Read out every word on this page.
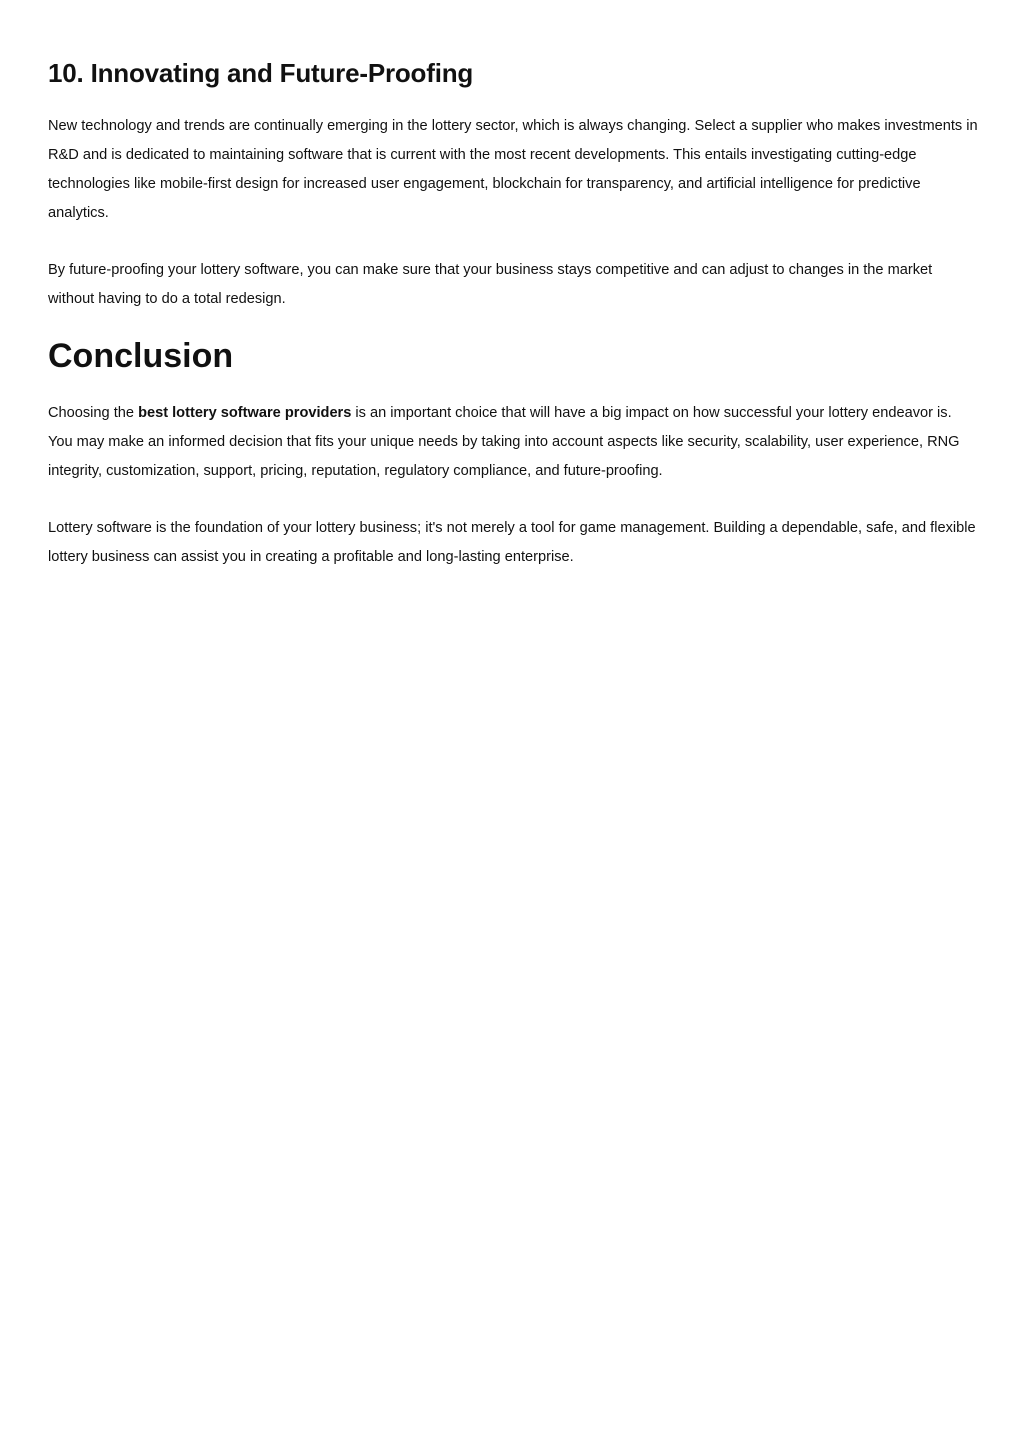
10. Innovating and Future-Proofing

New technology and trends are continually emerging in the lottery sector, which is always changing. Select a supplier who makes investments in R&D and is dedicated to maintaining software that is current with the most recent developments. This entails investigating cutting-edge technologies like mobile-first design for increased user engagement, blockchain for transparency, and artificial intelligence for predictive analytics.

By future-proofing your lottery software, you can make sure that your business stays competitive and can adjust to changes in the market without having to do a total redesign.

Conclusion

Choosing the best lottery software providers is an important choice that will have a big impact on how successful your lottery endeavor is. You may make an informed decision that fits your unique needs by taking into account aspects like security, scalability, user experience, RNG integrity, customization, support, pricing, reputation, regulatory compliance, and future-proofing.

Lottery software is the foundation of your lottery business; it's not merely a tool for game management. Building a dependable, safe, and flexible lottery business can assist you in creating a profitable and long-lasting enterprise.
